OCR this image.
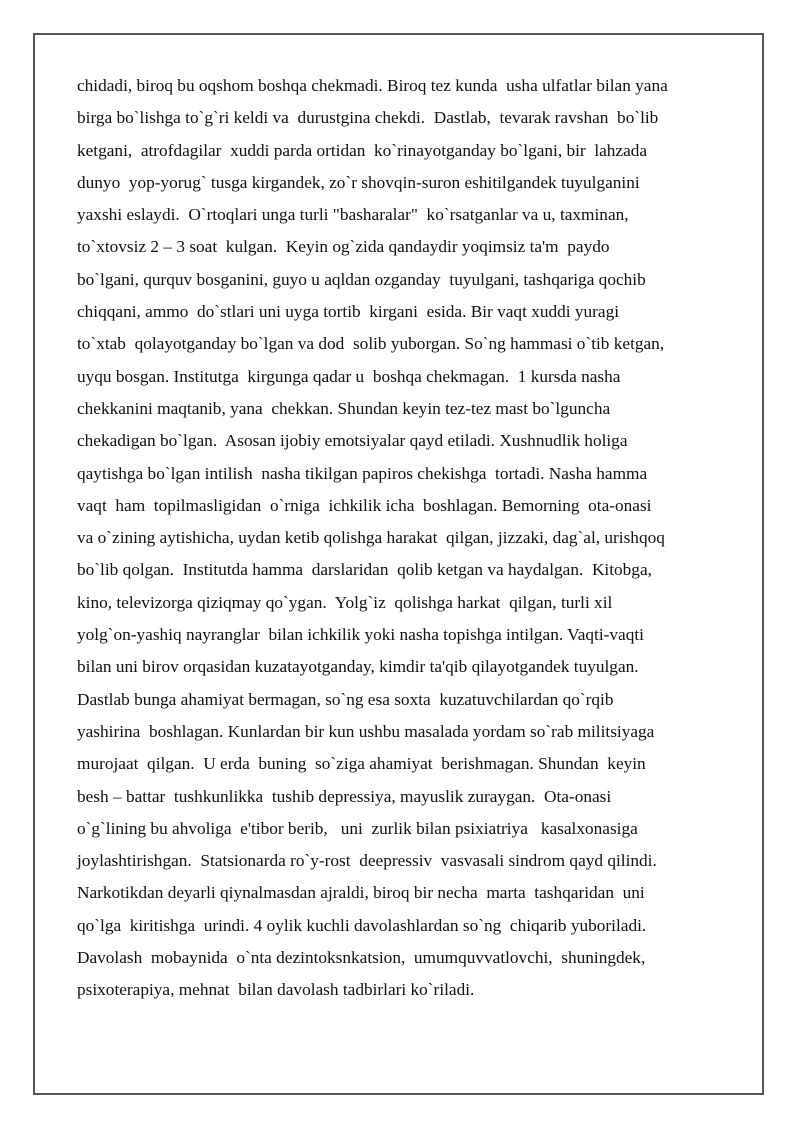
chidadi, biroq bu oqshom boshqa chekmadi. Biroq tez kunda  usha ulfatlar bilan yana
birga bo`lishga to`g`ri keldi va  durustgina chekdi.  Dastlab,  tevarak ravshan  bo`lib
ketgani,  atrofdagilar  xuddi parda ortidan  ko`rinayotganday bo`lgani, bir  lahzada
dunyo  yop-yorug` tusga kirgandek, zo`r shovqin-suron eshitilgandek tuyulganini
yaxshi eslaydi.  O`rtoqlari unga turli "basharalar"  ko`rsatganlar va u, taxminan,
to`xtovsiz 2 – 3 soat  kulgan.  Keyin og`zida qandaydir yoqimsiz ta'm  paydo
bo`lgani, qurquv bosganini, guyo u aqldan ozganday  tuyulgani, tashqariga qochib
chiqqani, ammo  do`stlari uni uyga tortib  kirgani  esida. Bir vaqt xuddi yuragi
to`xtab  qolayotganday bo`lgan va dod  solib yuborgan. So`ng hammasi o`tib ketgan,
uyqu bosgan. Institutga  kirgunga qadar u  boshqa chekmagan.  1 kursda nasha
chekkanini maqtanib, yana  chekkan. Shundan keyin tez-tez mast bo`lguncha
chekadigan bo`lgan.  Asosan ijobiy emotsiyalar qayd etiladi. Xushnudlik holiga
qaytishga bo`lgan intilish  nasha tikilgan papiros chekishga  tortadi. Nasha hamma
vaqt  ham  topilmasligidan  o`rniga  ichkilik icha  boshlagan. Bemorning  ota-onasi
va o`zining aytishicha, uydan ketib qolishga harakat  qilgan, jizzaki, dag`al, urishqoq
bo`lib qolgan.  Institutda hamma  darslaridan  qolib ketgan va haydalgan.  Kitobga,
kino, televizorga qiziqmay qo`ygan.  Yolg`iz  qolishga harkat  qilgan, turli xil
yolg`on-yashiq nayranglar  bilan ichkilik yoki nasha topishga intilgan. Vaqti-vaqti
bilan uni birov orqasidan kuzatayotganday, kimdir ta'qib qilayotgandek tuyulgan.
Dastlab bunga ahamiyat bermagan, so`ng esa soxta  kuzatuvchilardan qo`rqib
yashirina  boshlagan. Kunlardan bir kun ushbu masalada yordam so`rab militsiyaga
murojaat  qilgan.  U erda  buning  so`ziga ahamiyat  berishmagan. Shundan  keyin
besh – battar  tushkunlikka  tushib depressiya, mayuslik zuraygan.  Ota-onasi
o`g`lining bu ahvoliga  e'tibor berib,   uni  zurlik bilan psixiatriya   kasalxonasiga
joylashtirishgan.  Statsionarda ro`y-rost  deepressiv  vasvasali sindrom qayd qilindi.
Narkotikdan deyarli qiynalmasdan ajraldi, biroq bir necha  marta  tashqaridan  uni
qo`lga  kiritishga  urindi. 4 oylik kuchli davolashlardan so`ng  chiqarib yuboriladi.
Davolash  mobaynida  o`nta dezintoksnkatsion,  umumquvvatlovchi,  shuningdek,
psixoterapiya, mehnat  bilan davolash tadbirlari ko`riladi.
